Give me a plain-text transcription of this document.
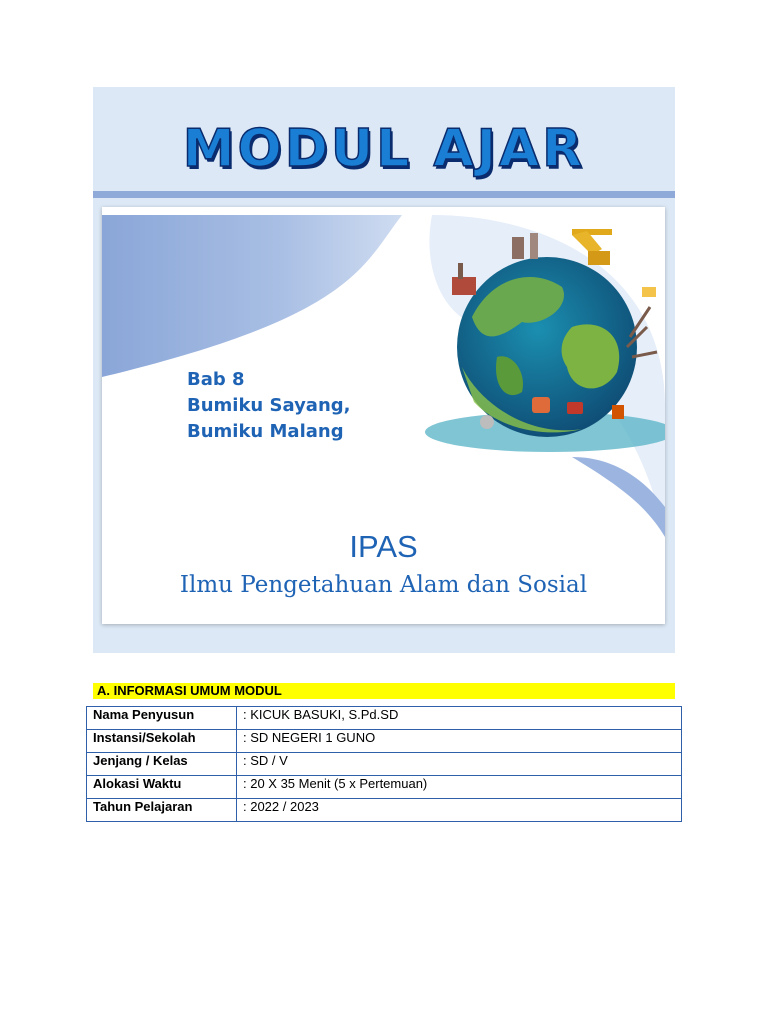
MODUL AJAR
Bab 8
Bumiku Sayang,
Bumiku Malang
IPAS
Ilmu Pengetahuan Alam dan Sosial
A. INFORMASI UMUM MODUL
Nama Penyusun	: KICUK BASUKI, S.Pd.SD
Instansi/Sekolah	: SD NEGERI 1 GUNO
Jenjang / Kelas	: SD / V
Alokasi Waktu	: 20 X 35 Menit (5 x Pertemuan)
Tahun Pelajaran	: 2022 / 2023
